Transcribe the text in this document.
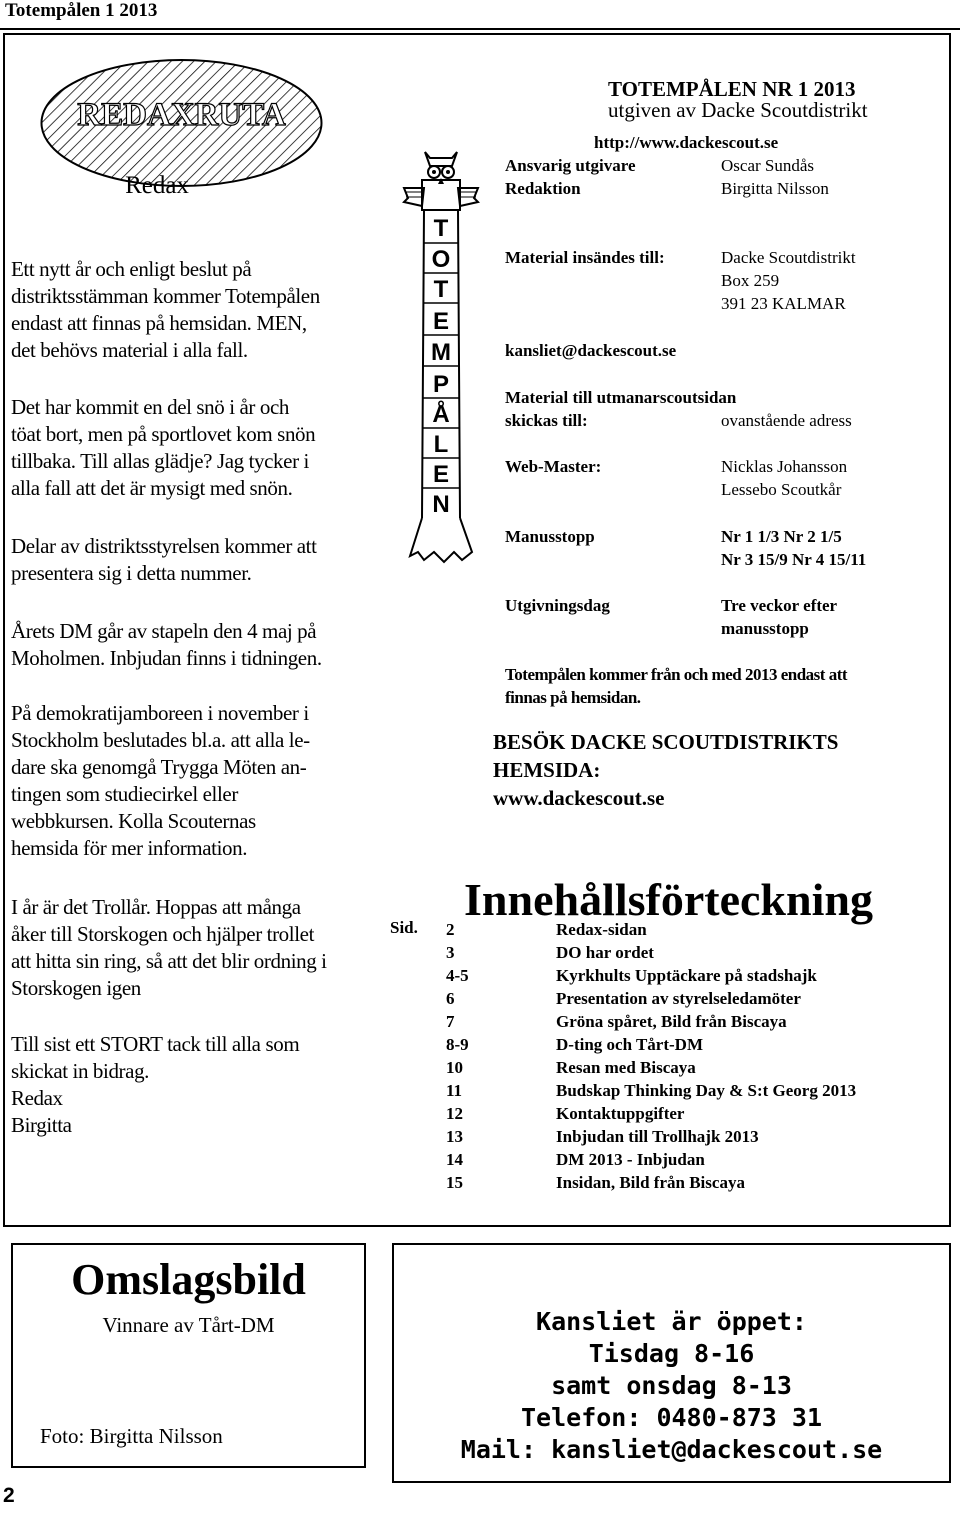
Totempålen 1 2013
REDAXRUTA
Redax

Ett nytt år och enligt beslut på

distriktsstämman kommer Totempålen

endast att finnas på hemsidan. MEN,

det behövs material i alla fall.

Det har kommit en del snö i år och

töat bort, men på sportlovet kom snön

tillbaka. Till allas glädje? Jag tycker i

alla fall att det är mysigt med snön.

Delar av distriktsstyrelsen kommer att

presentera sig i detta nummer.

Årets DM går av stapeln den 4 maj på

Moholmen. Inbjudan finns i tidningen.

På demokratijamboreen i november i

Stockholm beslutades bl.a. att alla le-

dare ska genomgå Trygga Möten an-

tingen som studiecirkel eller

webbkursen. Kolla Scouternas

hemsida för mer information.

I år är det Trollår. Hoppas att många

åker till Storskogen och hjälper trollet

att hitta sin ring, så att det blir ordning i

Storskogen igen

Till sist ett STORT tack till alla som

skickat in bidrag.

Redax

Birgitta

T
O
T
E
M
P
Å
L
E
N
TOTEMPÅLEN NR 1 2013
utgiven av Dacke Scoutdistrikt
http://www.dackescout.se
Ansvarig utgivare	Oscar Sundås
Redaktion	Birgitta Nilsson
Material insändes till:	Dacke Scoutdistrikt
Box 259
391 23 KALMAR
kansliet@dackescout.se
Material till utmanarscoutsidan
skickas till:	ovanstående adress
Web-Master:	Nicklas Johansson
Lessebo Scoutkår
Manusstopp	Nr 1 1/3 Nr 2 1/5
Nr 3 15/9 Nr 4 15/11
Utgivningsdag	Tre veckor efter
manusstopp
Totempålen kommer från och med 2013 endast att
finnas på hemsidan.
BESÖK DACKE SCOUTDISTRIKTS
HEMSIDA:
www.dackescout.se
Innehållsförteckning
Sid. 2	Redax-sidan
3	DO har ordet
4-5	Kyrkhults Upptäckare på stadshajk
6	Presentation av styrelseledamöter
7	Gröna spåret, Bild från Biscaya
8-9	D-ting och Tårt-DM
10	Resan med Biscaya
11	Budskap Thinking Day & S:t Georg 2013
12	Kontaktuppgifter
13	Inbjudan till Trollhajk 2013
14	DM 2013 - Inbjudan
15	Insidan, Bild från Biscaya
Omslagsbild
Vinnare av Tårt-DM
Foto: Birgitta Nilsson
Kansliet är öppet:
Tisdag 8-16
samt onsdag 8-13
Telefon: 0480-873 31
Mail: kansliet@dackescout.se
2
